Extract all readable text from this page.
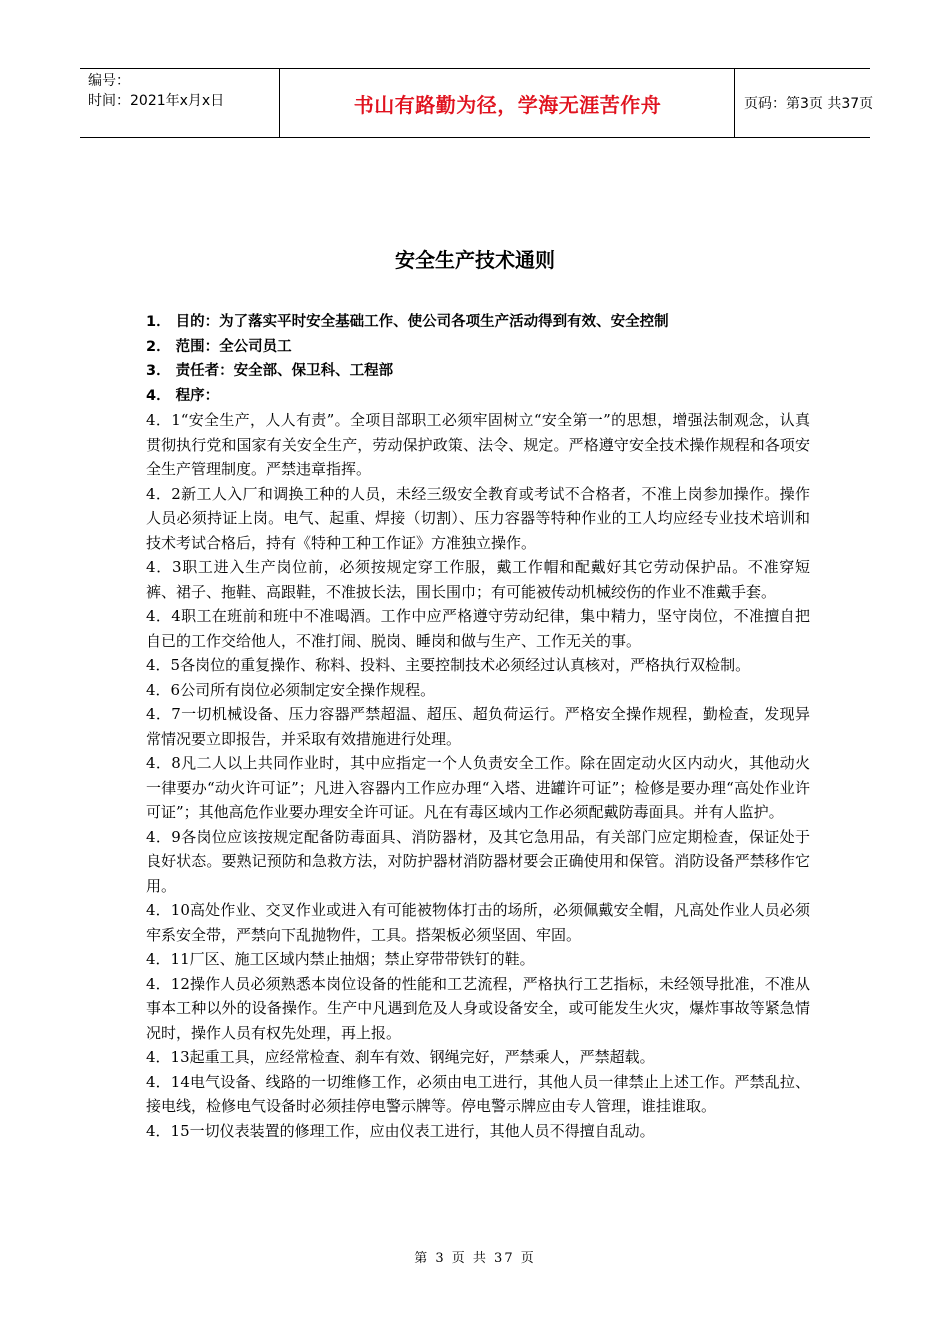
编号：
时间：2021年x月x日	书山有路勤为径，学海无涯苦作舟	页码：第3页 共37页
安全生产技术通则
1． 目的：为了落实平时安全基础工作、使公司各项生产活动得到有效、安全控制
2． 范围：全公司员工
3． 责任者：安全部、保卫科、工程部
4． 程序：
4．1“安全生产，人人有责”。全项目部职工必须牢固树立“安全第一”的思想，增强法制观念，认真贯彻执行党和国家有关安全生产，劳动保护政策、法令、规定。严格遵守安全技术操作规程和各项安全生产管理制度。严禁违章指挥。
4．2新工人入厂和调换工种的人员，未经三级安全教育或考试不合格者，不准上岗参加操作。操作人员必须持证上岗。电气、起重、焊接（切割）、压力容器等特种作业的工人均应经专业技术培训和技术考试合格后，持有《特种工种工作证》方准独立操作。
4．3职工进入生产岗位前，必须按规定穿工作服，戴工作帽和配戴好其它劳动保护品。不准穿短裤、裙子、拖鞋、高跟鞋，不准披长法，围长围巾；有可能被传动机械绞伤的作业不准戴手套。
4．4职工在班前和班中不准喝酒。工作中应严格遵守劳动纪律，集中精力，坚守岗位，不准擅自把自已的工作交给他人，不准打闹、脱岗、睡岗和做与生产、工作无关的事。
4．5各岗位的重复操作、称料、投料、主要控制技术必须经过认真核对，严格执行双检制。
4．6公司所有岗位必须制定安全操作规程。
4．7一切机械设备、压力容器严禁超温、超压、超负荷运行。严格安全操作规程，勤检查，发现异常情况要立即报告，并采取有效措施进行处理。
4．8凡二人以上共同作业时，其中应指定一个人负责安全工作。除在固定动火区内动火，其他动火一律要办“动火许可证”；凡进入容器内工作应办理“入塔、进罐许可证”；检修是要办理“高处作业许可证”；其他高危作业要办理安全许可证。凡在有毒区域内工作必须配戴防毒面具。并有人监护。
4．9各岗位应该按规定配备防毒面具、消防器材，及其它急用品，有关部门应定期检查，保证处于良好状态。要熟记预防和急救方法，对防护器材消防器材要会正确使用和保管。消防设备严禁移作它用。
4．10高处作业、交叉作业或进入有可能被物体打击的场所，必须佩戴安全帽，凡高处作业人员必须牢系安全带，严禁向下乱抛物件，工具。搭架板必须坚固、牢固。
4．11厂区、施工区域内禁止抽烟；禁止穿带带铁钉的鞋。
4．12操作人员必须熟悉本岗位设备的性能和工艺流程，严格执行工艺指标，未经领导批准，不准从事本工种以外的设备操作。生产中凡遇到危及人身或设备安全，或可能发生火灾，爆炸事故等紧急情况时，操作人员有权先处理，再上报。
4．13起重工具，应经常检查、刹车有效、钢绳完好，严禁乘人，严禁超载。
4．14电气设备、线路的一切维修工作，必须由电工进行，其他人员一律禁止上述工作。严禁乱拉、接电线，检修电气设备时必须挂停电警示牌等。停电警示牌应由专人管理，谁挂谁取。
4．15一切仪表装置的修理工作，应由仪表工进行，其他人员不得擅自乱动。
第 3 页 共 37 页
